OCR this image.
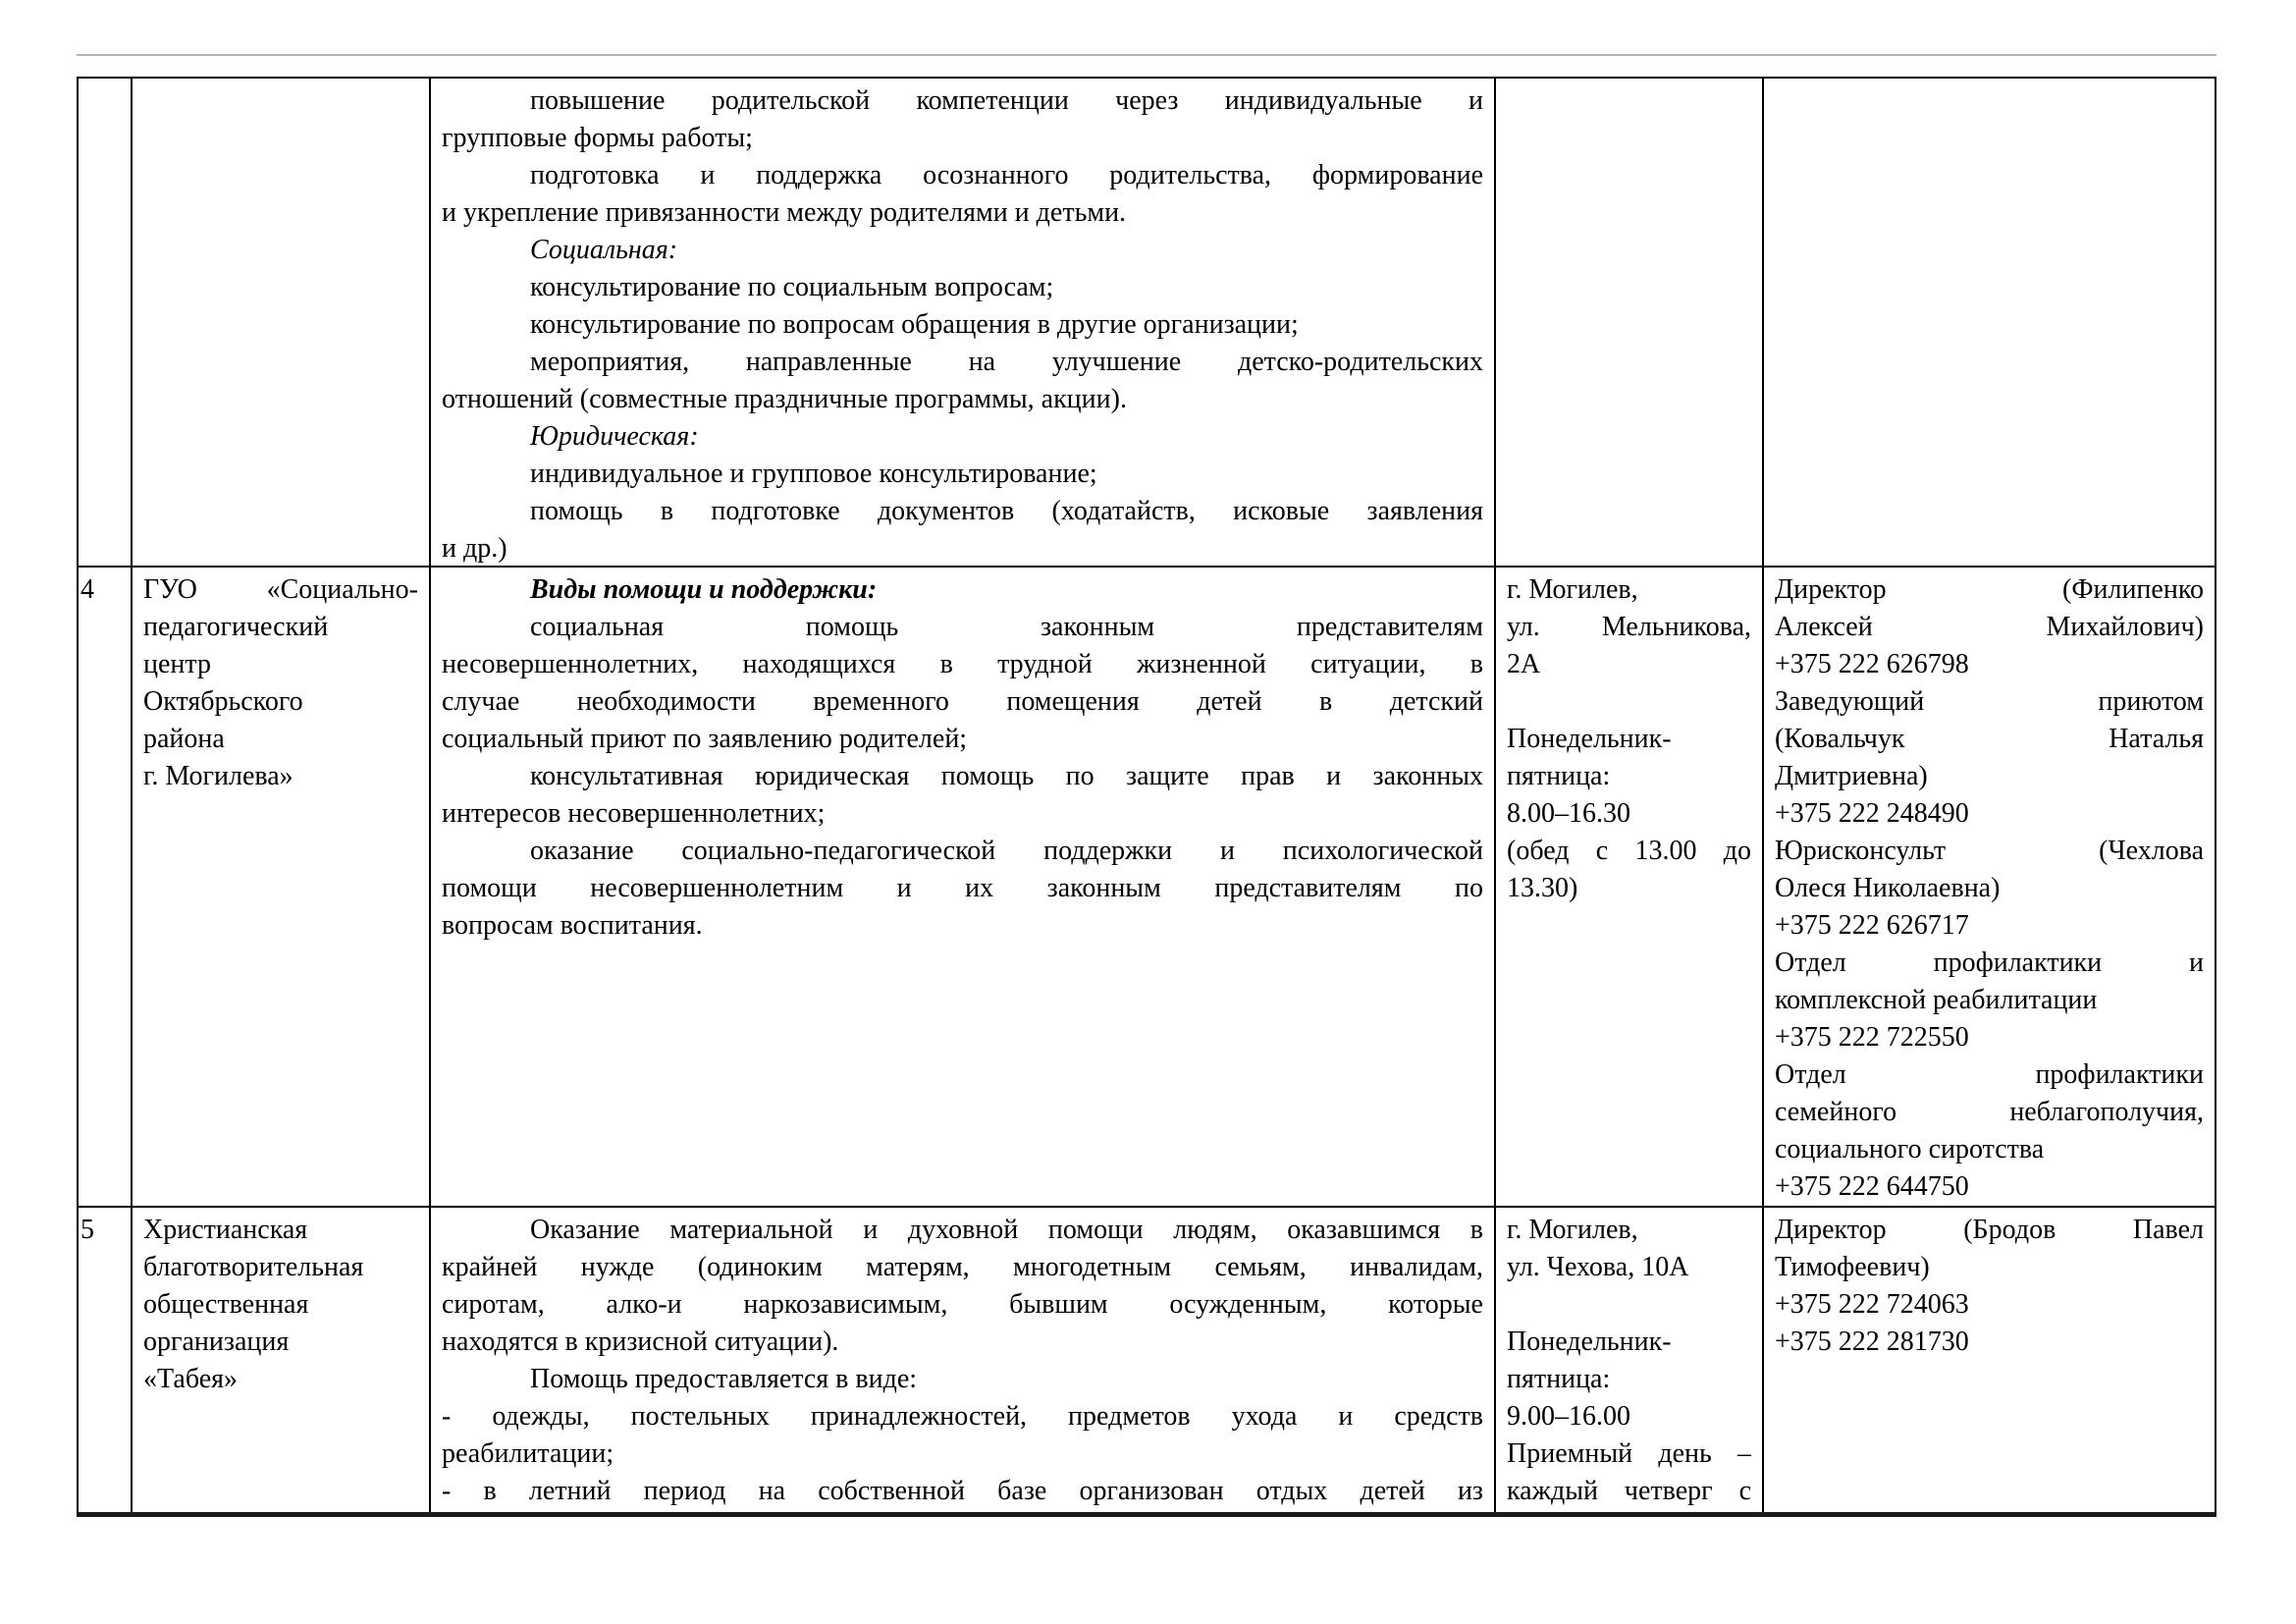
повышение родительской компетенции через индивидуальные и
групповые формы работы;
подготовка и поддержка осознанного родительства, формирование
и укрепление привязанности между родителями и детьми.
Социальная:
консультирование по социальным вопросам;
консультирование по вопросам обращения в другие организации;
мероприятия, направленные на улучшение детско-родительских
отношений (совместные праздничные программы, акции).
Юридическая:
индивидуальное и групповое консультирование;
помощь в подготовке документов (ходатайств, исковые заявления
и др.)
4	ГУО «Социально-
педагогический
центр
Октябрьского
района
г. Могилева»
Виды помощи и поддержки:
социальная помощь законным представителям
несовершеннолетних, находящихся в трудной жизненной ситуации, в
случае необходимости временного помещения детей в детский
социальный приют по заявлению родителей;
консультативная юридическая помощь по защите прав и законных
интересов несовершеннолетних;
оказание социально-педагогической поддержки и психологической
помощи несовершеннолетним и их законным представителям по
вопросам воспитания.
г. Могилев,
ул. Мельникова,
2А
Понедельник-
пятница:
8.00–16.30
(обед с 13.00 до
13.30)
Директор (Филипенко
Алексей Михайлович)
+375 222 626798
Заведующий приютом
(Ковальчук Наталья
Дмитриевна)
+375 222 248490
Юрисконсульт (Чехлова
Олеся Николаевна)
+375 222 626717
Отдел профилактики и
комплексной реабилитации
+375 222 722550
Отдел профилактики
семейного неблагополучия,
социального сиротства
+375 222 644750
5	Христианская
благотворительная
общественная
организация
«Табея»
Оказание материальной и духовной помощи людям, оказавшимся в
крайней нужде (одиноким матерям, многодетным семьям, инвалидам,
сиротам, алко-и наркозависимым, бывшим осужденным, которые
находятся в кризисной ситуации).
Помощь предоставляется в виде:
- одежды, постельных принадлежностей, предметов ухода и средств
реабилитации;
- в летний период на собственной базе организован отдых детей из
г. Могилев,
ул. Чехова, 10А
Понедельник-
пятница:
9.00–16.00
Приемный день –
каждый четверг с
Директор (Бродов Павел
Тимофеевич)
+375 222 724063
+375 222 281730
